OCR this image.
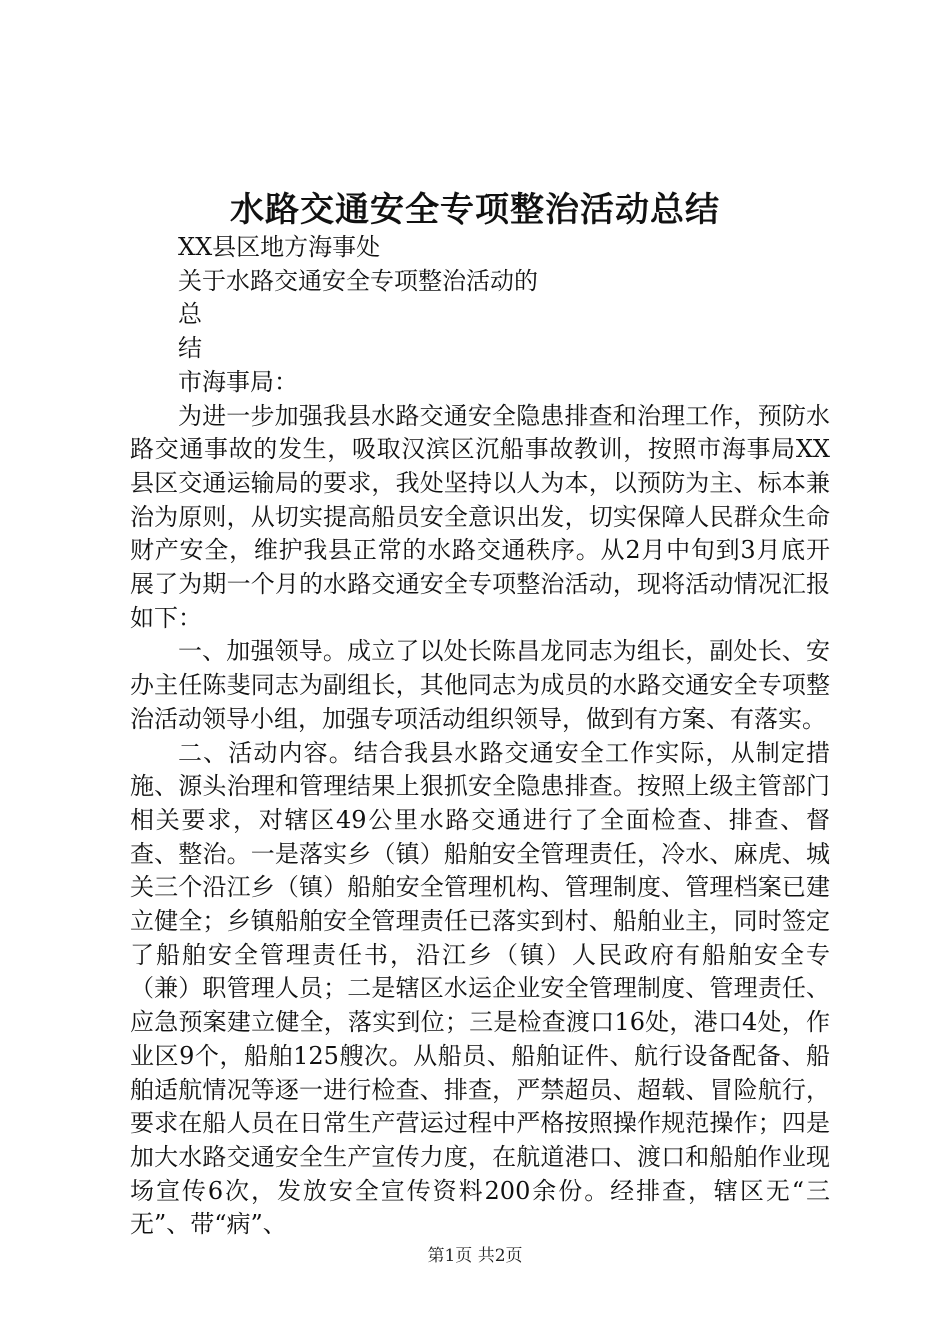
水路交通安全专项整治活动总结
XX县区地方海事处
关于水路交通安全专项整治活动的
总
结
市海事局：

为进一步加强我县水路交通安全隐患排查和治理工作，预防水路交通事故的发生，吸取汉滨区沉船事故教训，按照市海事局XX县区交通运输局的要求，我处坚持以人为本，以预防为主、标本兼治为原则，从切实提高船员安全意识出发，切实保障人民群众生命财产安全，维护我县正常的水路交通秩序。从2月中旬到3月底开展了为期一个月的水路交通安全专项整治活动，现将活动情况汇报如下：

一、加强领导。成立了以处长陈昌龙同志为组长，副处长、安办主任陈斐同志为副组长，其他同志为成员的水路交通安全专项整治活动领导小组，加强专项活动组织领导，做到有方案、有落实。

二、活动内容。结合我县水路交通安全工作实际，从制定措施、源头治理和管理结果上狠抓安全隐患排查。按照上级主管部门相关要求，对辖区49公里水路交通进行了全面检查、排查、督查、整治。一是落实乡（镇）船舶安全管理责任，冷水、麻虎、城关三个沿江乡（镇）船舶安全管理机构、管理制度、管理档案已建立健全；乡镇船舶安全管理责任已落实到村、船舶业主，同时签定了船舶安全管理责任书，沿江乡（镇）人民政府有船舶安全专（兼）职管理人员；二是辖区水运企业安全管理制度、管理责任、应急预案建立健全，落实到位；三是检查渡口16处，港口4处，作业区9个，船舶125艘次。从船员、船舶证件、航行设备配备、船舶适航情况等逐一进行检查、排查，严禁超员、超载、冒险航行，要求在船人员在日常生产营运过程中严格按照操作规范操作；四是加大水路交通安全生产宣传力度，在航道港口、渡口和船舶作业现场宣传6次，发放安全宣传资料200余份。经排查，辖区无“三无”、带“病”、

第1页 共2页
